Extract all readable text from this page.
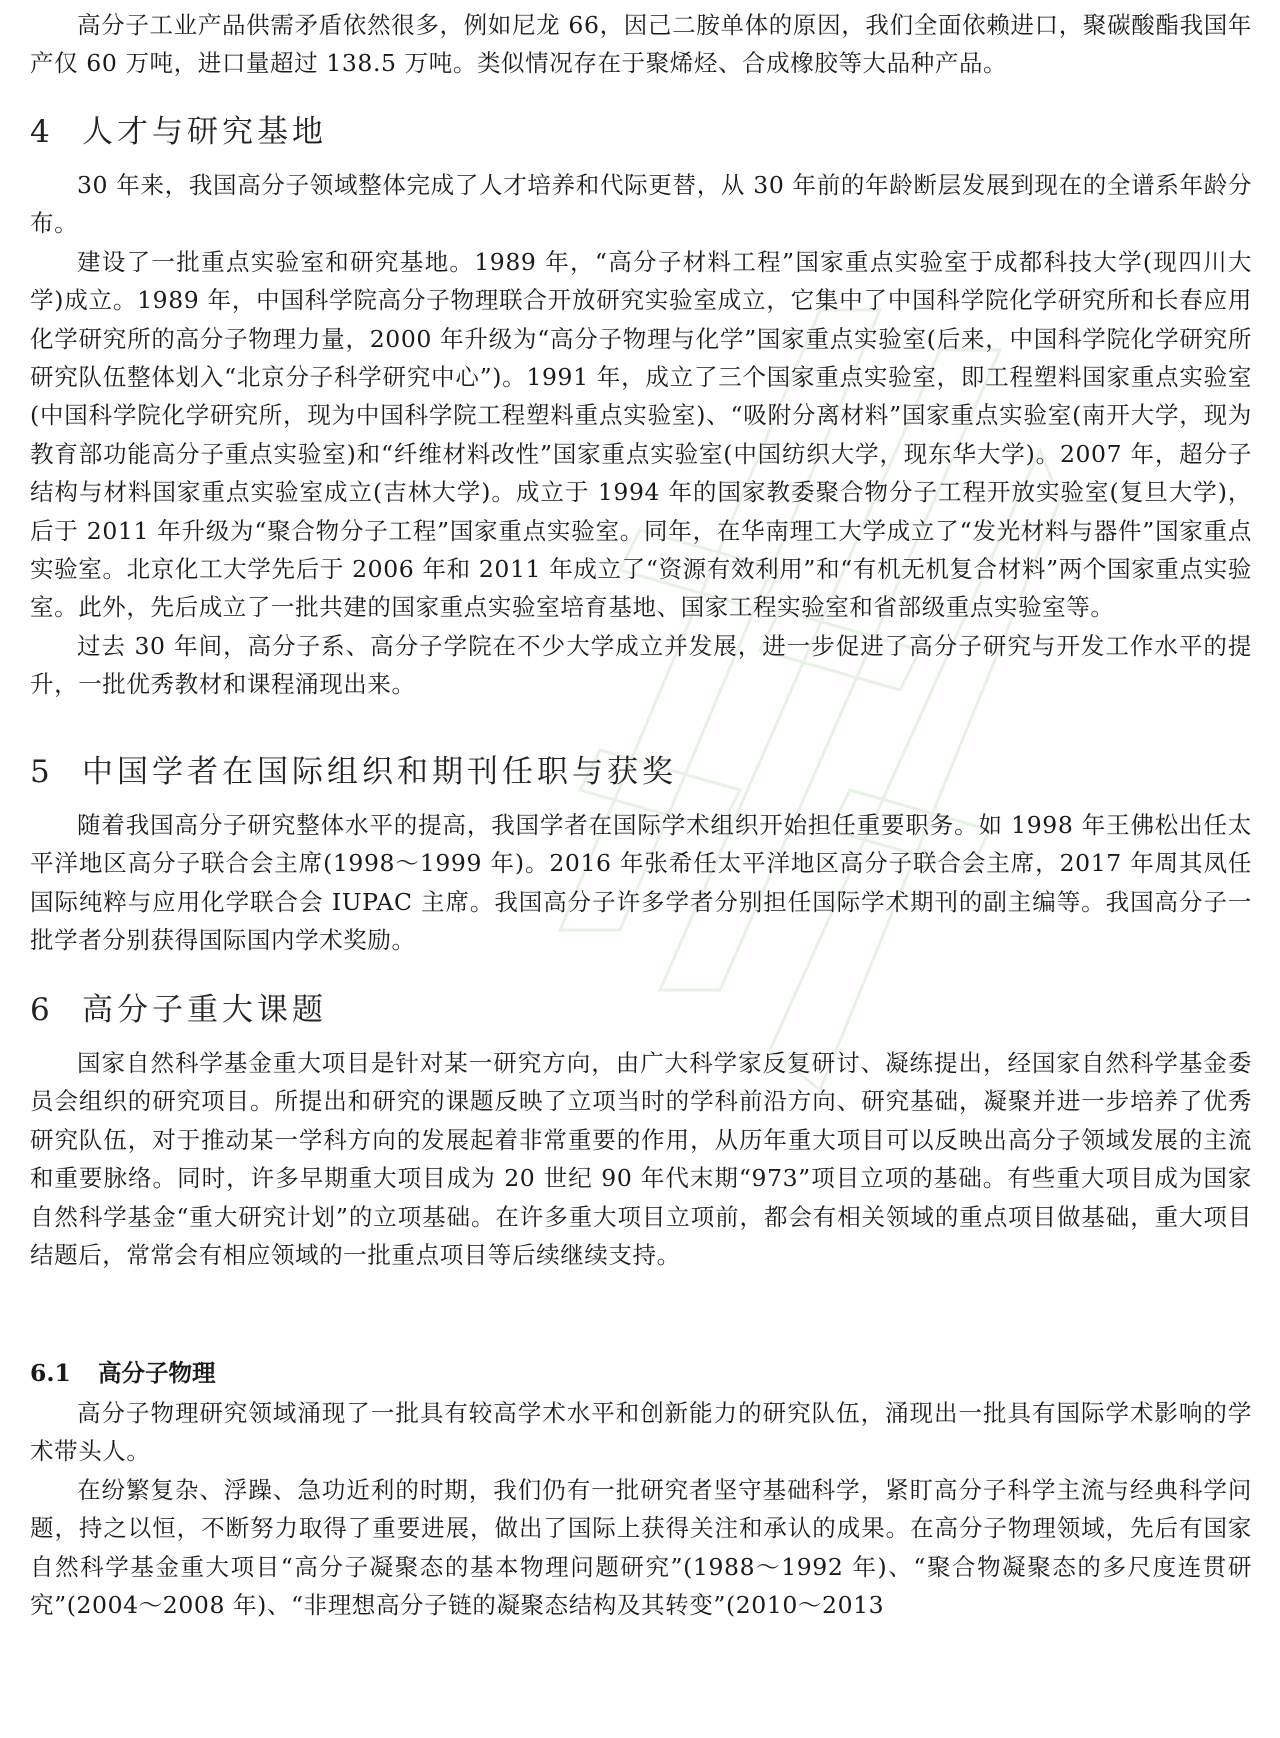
高分子工业产品供需矛盾依然很多，例如尼龙 66，因己二胺单体的原因，我们全面依赖进口，聚碳酸酯我国年产仅 60 万吨，进口量超过 138.5 万吨。类似情况存在于聚烯烃、合成橡胶等大品种产品。

4 人才与研究基地

30 年来，我国高分子领域整体完成了人才培养和代际更替，从 30 年前的年龄断层发展到现在的全谱系年龄分布。

建设了一批重点实验室和研究基地。1989 年，“高分子材料工程”国家重点实验室于成都科技大学(现四川大学)成立。1989 年，中国科学院高分子物理联合开放研究实验室成立，它集中了中国科学院化学研究所和长春应用化学研究所的高分子物理力量，2000 年升级为“高分子物理与化学”国家重点实验室(后来，中国科学院化学研究所研究队伍整体划入“北京分子科学研究中心”)。1991 年，成立了三个国家重点实验室，即工程塑料国家重点实验室(中国科学院化学研究所，现为中国科学院工程塑料重点实验室)、“吸附分离材料”国家重点实验室(南开大学，现为教育部功能高分子重点实验室)和“纤维材料改性”国家重点实验室(中国纺织大学，现东华大学)。2007 年，超分子结构与材料国家重点实验室成立(吉林大学)。成立于 1994 年的国家教委聚合物分子工程开放实验室(复旦大学)，后于 2011 年升级为“聚合物分子工程”国家重点实验室。同年，在华南理工大学成立了“发光材料与器件”国家重点实验室。北京化工大学先后于 2006 年和 2011 年成立了“资源有效利用”和“有机无机复合材料”两个国家重点实验室。此外，先后成立了一批共建的国家重点实验室培育基地、国家工程实验室和省部级重点实验室等。

过去 30 年间，高分子系、高分子学院在不少大学成立并发展，进一步促进了高分子研究与开发工作水平的提升，一批优秀教材和课程涌现出来。

5 中国学者在国际组织和期刊任职与获奖

随着我国高分子研究整体水平的提高，我国学者在国际学术组织开始担任重要职务。如 1998 年王佛松出任太平洋地区高分子联合会主席(1998～1999 年)。2016 年张希任太平洋地区高分子联合会主席，2017 年周其凤任国际纯粹与应用化学联合会 IUPAC 主席。我国高分子许多学者分别担任国际学术期刊的副主编等。我国高分子一批学者分别获得国际国内学术奖励。

6 高分子重大课题

国家自然科学基金重大项目是针对某一研究方向，由广大科学家反复研讨、凝练提出，经国家自然科学基金委员会组织的研究项目。所提出和研究的课题反映了立项当时的学科前沿方向、研究基础，凝聚并进一步培养了优秀研究队伍，对于推动某一学科方向的发展起着非常重要的作用，从历年重大项目可以反映出高分子领域发展的主流和重要脉络。同时，许多早期重大项目成为 20 世纪 90 年代末期“973”项目立项的基础。有些重大项目成为国家自然科学基金“重大研究计划”的立项基础。在许多重大项目立项前，都会有相关领域的重点项目做基础，重大项目结题后，常常会有相应领域的一批重点项目等后续继续支持。

6.1 高分子物理

高分子物理研究领域涌现了一批具有较高学术水平和创新能力的研究队伍，涌现出一批具有国际学术影响的学术带头人。

在纷繁复杂、浮躁、急功近利的时期，我们仍有一批研究者坚守基础科学，紧盯高分子科学主流与经典科学问题，持之以恒，不断努力取得了重要进展，做出了国际上获得关注和承认的成果。在高分子物理领域，先后有国家自然科学基金重大项目“高分子凝聚态的基本物理问题研究”(1988～1992 年)、“聚合物凝聚态的多尺度连贯研究”(2004～2008 年)、“非理想高分子链的凝聚态结构及其转变”(2010～2013
